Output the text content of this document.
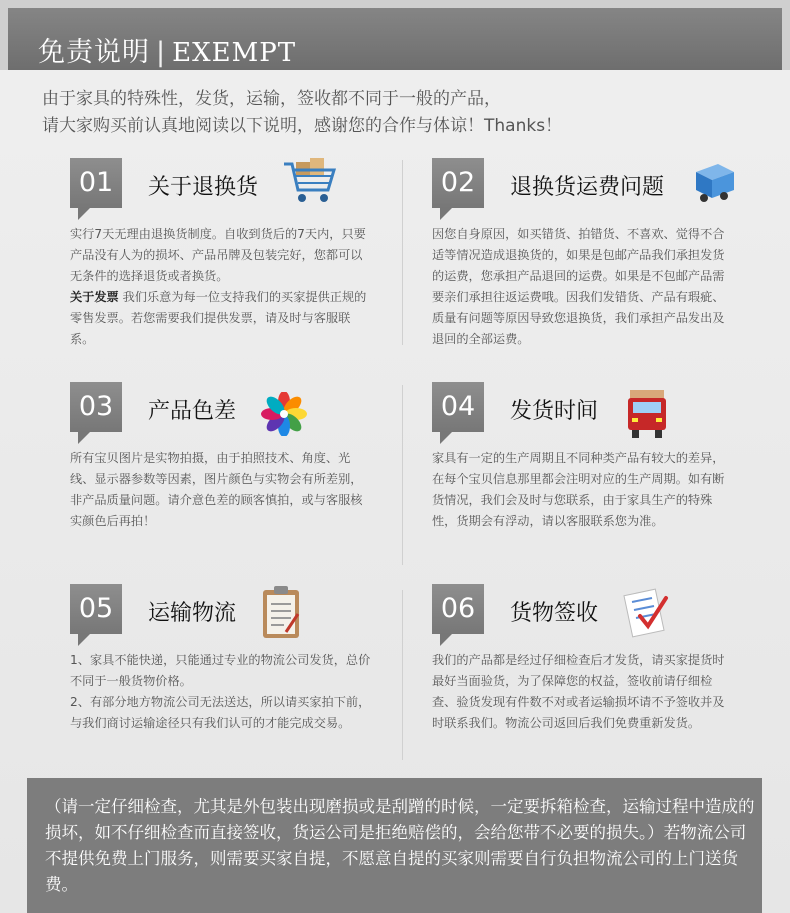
免责说明 | EXEMPT
由于家具的特殊性，发货，运输，签收都不同于一般的产品，
请大家购买前认真地阅读以下说明，感谢您的合作与体谅！Thanks！
01	关于退换货

实行7天无理由退换货制度。自收到货后的7天内，只要产品没有人为的损坏、产品吊牌及包装完好，您都可以无条件的选择退货或者换货。

关于发票 我们乐意为每一位支持我们的买家提供正规的零售发票。若您需要我们提供发票，请及时与客服联系。

02	退换货运费问题

因您自身原因，如买错货、拍错货、不喜欢、觉得不合适等情况造成退换货的，如果是包邮产品我们承担发货的运费，您承担产品退回的运费。如果是不包邮产品需要亲们承担往返运费哦。因我们发错货、产品有瑕疵、质量有问题等原因导致您退换货，我们承担产品发出及退回的全部运费。

03	产品色差

所有宝贝图片是实物拍摄，由于拍照技术、角度、光线、显示器参数等因素，图片颜色与实物会有所差别，非产品质量问题。请介意色差的顾客慎拍，或与客服核实颜色后再拍！

04	发货时间

家具有一定的生产周期且不同种类产品有较大的差异，在每个宝贝信息那里都会注明对应的生产周期。如有断货情况，我们会及时与您联系，由于家具生产的特殊性，货期会有浮动，请以客服联系您为准。

05	运输物流

1、家具不能快递，只能通过专业的物流公司发货，总价不同于一般货物价格。

2、有部分地方物流公司无法送达，所以请买家拍下前，与我们商讨运输途径只有我们认可的才能完成交易。

06	货物签收

我们的产品都是经过仔细检查后才发货，请买家提货时最好当面验货，为了保障您的权益，签收前请仔细检查、验货发现有件数不对或者运输损坏请不予签收并及时联系我们。物流公司返回后我们免费重新发货。

（请一定仔细检查，尤其是外包装出现磨损或是刮蹭的时候，一定要拆箱检查，运输过程中造成的损坏，如不仔细检查而直接签收，货运公司是拒绝赔偿的，会给您带不必要的损失。）若物流公司不提供免费上门服务，则需要买家自提，不愿意自提的买家则需要自行负担物流公司的上门送货费。
